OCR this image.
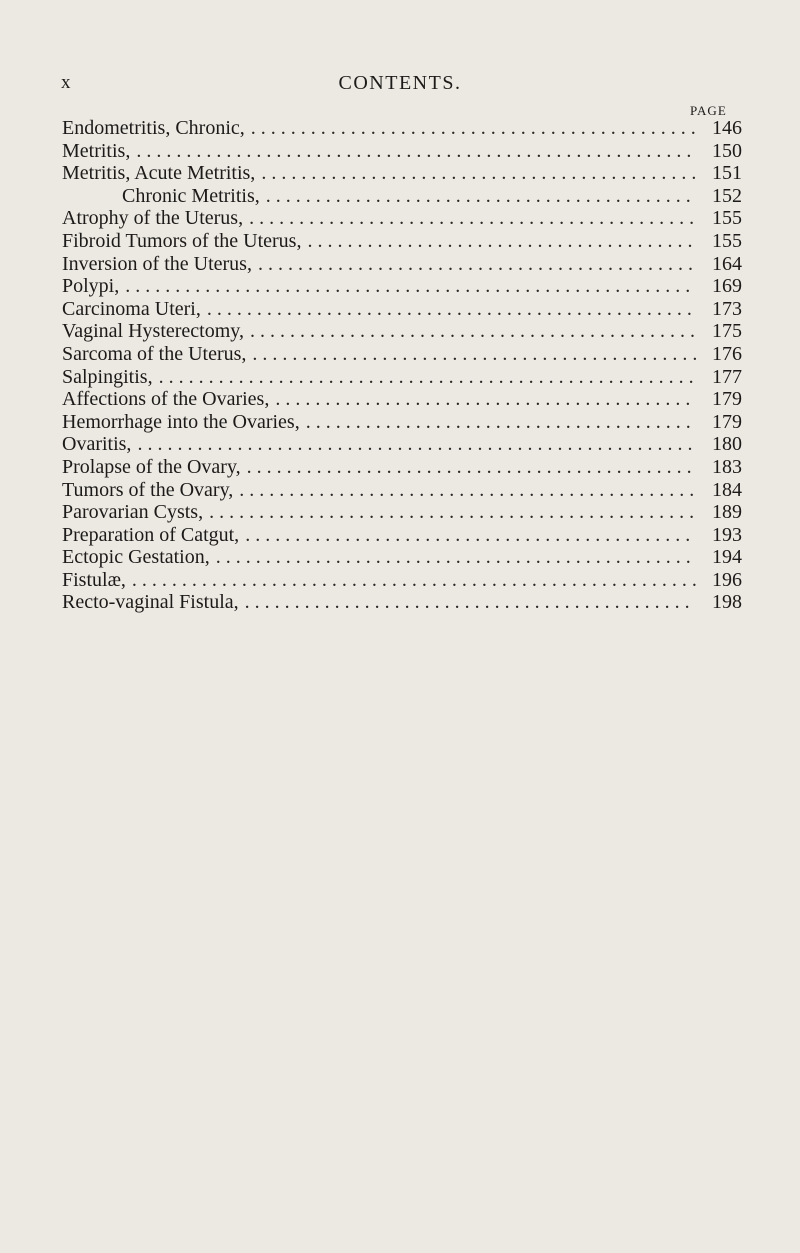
x	CONTENTS.
PAGE
Endometritis, Chronic, . . .	146
Metritis, . . .	150
Metritis, Acute Metritis, . . .	151
Chronic Metritis, . . .	152
Atrophy of the Uterus, . . .	155
Fibroid Tumors of the Uterus, . . .	155
Inversion of the Uterus, . . .	164
Polypi, . . .	169
Carcinoma Uteri, . . .	173
Vaginal Hysterectomy, . . .	175
Sarcoma of the Uterus, . . .	176
Salpingitis, . . .	177
Affections of the Ovaries, . . .	179
Hemorrhage into the Ovaries, . . .	179
Ovaritis, . . .	180
Prolapse of the Ovary, . . .	183
Tumors of the Ovary, . . .	184
Parovarian Cysts, . . .	189
Preparation of Catgut, . . .	193
Ectopic Gestation, . . .	194
Fistulæ, . . .	196
Recto-vaginal Fistula, . . .	198
